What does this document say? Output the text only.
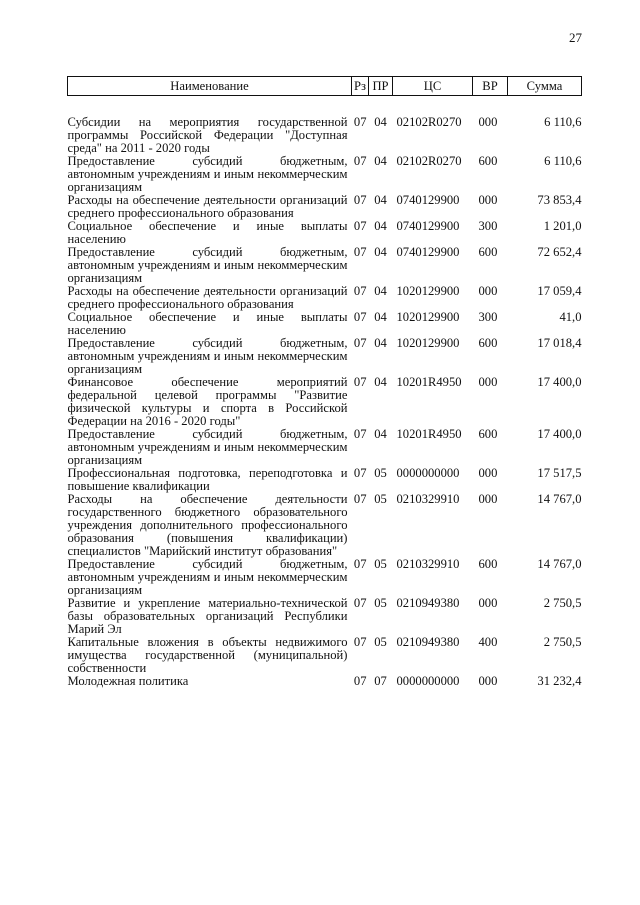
27
Наименование	Рз	ПР	ЦС	ВР	Сумма
Субсидии на мероприятия государственной программы Российской Федерации "Доступная среда" на 2011 - 2020 годы	07	04	02102R0270	000	6 110,6
Предоставление субсидий бюджетным, автономным учреждениям и иным некоммерческим организациям	07	04	02102R0270	600	6 110,6
Расходы на обеспечение деятельности организаций среднего профессионального образования	07	04	0740129900	000	73 853,4
Социальное обеспечение и иные выплаты населению	07	04	0740129900	300	1 201,0
Предоставление субсидий бюджетным, автономным учреждениям и иным некоммерческим организациям	07	04	0740129900	600	72 652,4
Расходы на обеспечение деятельности организаций среднего профессионального образования	07	04	1020129900	000	17 059,4
Социальное обеспечение и иные выплаты населению	07	04	1020129900	300	41,0
Предоставление субсидий бюджетным, автономным учреждениям и иным некоммерческим организациям	07	04	1020129900	600	17 018,4
Финансовое обеспечение мероприятий федеральной целевой программы "Развитие физической культуры и спорта в Российской Федерации на 2016 - 2020 годы"	07	04	10201R4950	000	17 400,0
Предоставление субсидий бюджетным, автономным учреждениям и иным некоммерческим организациям	07	04	10201R4950	600	17 400,0
Профессиональная подготовка, переподготовка и повышение квалификации	07	05	0000000000	000	17 517,5
Расходы на обеспечение деятельности государственного бюджетного образовательного учреждения дополнительного профессионального образования (повышения квалификации) специалистов "Марийский институт образования"	07	05	0210329910	000	14 767,0
Предоставление субсидий бюджетным, автономным учреждениям и иным некоммерческим организациям	07	05	0210329910	600	14 767,0
Развитие и укрепление материально-технической базы образовательных организаций Республики Марий Эл	07	05	0210949380	000	2 750,5
Капитальные вложения в объекты недвижимого имущества государственной (муниципальной) собственности	07	05	0210949380	400	2 750,5
Молодежная политика	07	07	0000000000	000	31 232,4
